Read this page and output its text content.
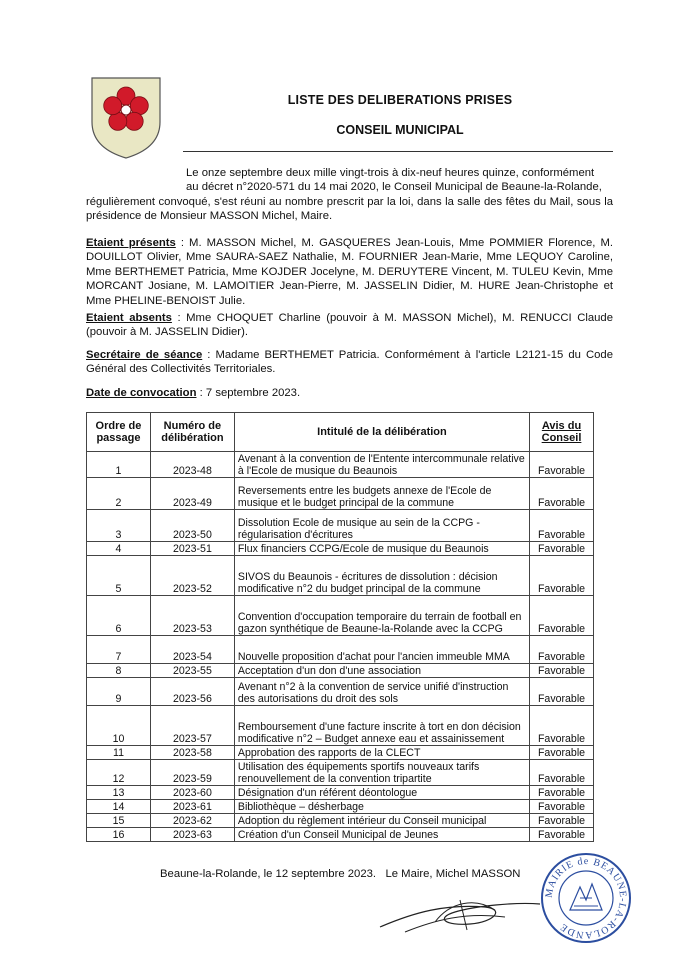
LISTE DES DELIBERATIONS PRISES
CONSEIL MUNICIPAL
Le onze septembre deux mille vingt-trois à dix-neuf heures quinze, conformément
au décret n°2020-571 du 14 mai 2020, le Conseil Municipal de Beaune-la-Rolande,
régulièrement convoqué, s'est réuni au nombre prescrit par la loi, dans la salle des fêtes du Mail, sous la présidence de Monsieur MASSON Michel, Maire.
Etaient présents : M. MASSON Michel, M. GASQUERES Jean-Louis, Mme POMMIER Florence, M. DOUILLOT Olivier, Mme SAURA-SAEZ Nathalie, M. FOURNIER Jean-Marie, Mme LEQUOY Caroline, Mme BERTHEMET Patricia, Mme KOJDER Jocelyne, M. DERUYTERE Vincent, M. TULEU Kevin, Mme MORCANT Josiane, M. LAMOITIER Jean-Pierre, M. JASSELIN Didier, M. HURE Jean-Christophe et Mme PHELINE-BENOIST Julie.
Etaient absents : Mme CHOQUET Charline (pouvoir à M. MASSON Michel), M. RENUCCI Claude (pouvoir à M. JASSELIN Didier).
Secrétaire de séance : Madame BERTHEMET Patricia. Conformément à l'article L2121-15 du Code Général des Collectivités Territoriales.
Date de convocation : 7 septembre 2023.
Ordre de passage	Numéro de délibération	Intitulé de la délibération	Avis du Conseil
1	2023-48	Avenant à la convention de l'Entente intercommunale relative à l'Ecole de musique du Beaunois	Favorable
2	2023-49	Reversements entre les budgets annexe de l'Ecole de musique et le budget principal de la commune	Favorable
3	2023-50	Dissolution Ecole de musique au sein de la CCPG - régularisation d'écritures	Favorable
4	2023-51	Flux financiers CCPG/Ecole de musique du Beaunois	Favorable
5	2023-52	SIVOS du Beaunois - écritures de dissolution : décision modificative n°2 du budget principal de la commune	Favorable
6	2023-53	Convention d'occupation temporaire du terrain de football en gazon synthétique de Beaune-la-Rolande avec la CCPG	Favorable
7	2023-54	Nouvelle proposition d'achat pour l'ancien immeuble MMA	Favorable
8	2023-55	Acceptation d'un don d'une association	Favorable
9	2023-56	Avenant n°2 à la convention de service unifié d'instruction des autorisations du droit des sols	Favorable
10	2023-57	Remboursement d'une facture inscrite à tort en don décision modificative n°2 – Budget annexe eau et assainissement	Favorable
11	2023-58	Approbation des rapports de la CLECT	Favorable
12	2023-59	Utilisation des équipements sportifs nouveaux tarifs renouvellement de la convention tripartite	Favorable
13	2023-60	Désignation d'un référent déontologue	Favorable
14	2023-61	Bibliothèque – désherbage	Favorable
15	2023-62	Adoption du règlement intérieur du Conseil municipal	Favorable
16	2023-63	Création d'un Conseil Municipal de Jeunes	Favorable
Beaune-la-Rolande, le 12 septembre 2023. Le Maire, Michel MASSON
MAIRIE de BEAUNE-LA-ROLANDE
